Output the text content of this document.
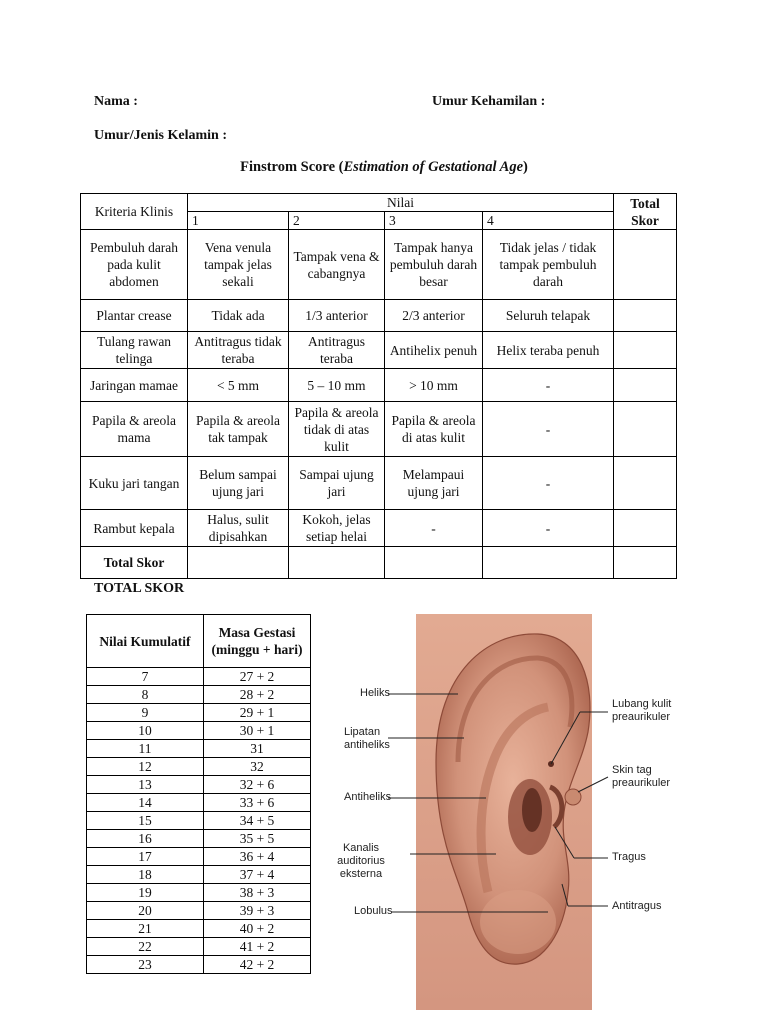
Nama :	Umur Kehamilan :
Umur/Jenis Kelamin :
Finstrom Score (Estimation of Gestational Age)
Kriteria Klinis	Nilai				Total Skor
	1	2	3	4	
Pembuluh darah pada kulit abdomen	Vena venula tampak jelas sekali	Tampak vena & cabangnya	Tampak hanya pembuluh darah besar	Tidak jelas / tidak tampak pembuluh darah	
Plantar crease	Tidak ada	1/3 anterior	2/3 anterior	Seluruh telapak	
Tulang rawan telinga	Antitragus tidak teraba	Antitragus teraba	Antihelix penuh	Helix teraba penuh	
Jaringan mamae	< 5 mm	5 – 10 mm	> 10 mm	-	
Papila & areola mama	Papila & areola tak tampak	Papila & areola tidak di atas kulit	Papila & areola di atas kulit	-	
Kuku jari tangan	Belum sampai ujung jari	Sampai ujung jari	Melampaui ujung jari	-	
Rambut kepala	Halus, sulit dipisahkan	Kokoh, jelas setiap helai	-	-	
Total Skor					
TOTAL SKOR
Nilai Kumulatif	Masa Gestasi (minggu + hari)
7	27 + 2
8	28 + 2
9	29 + 1
10	30 + 1
11	31
12	32
13	32 + 6
14	33 + 6
15	34 + 5
16	35 + 5
17	36 + 4
18	37 + 4
19	38 + 3
20	39 + 3
21	40 + 2
22	41 + 2
23	42 + 2
Heliks
Lipatan antiheliks
Antiheliks
Kanalis auditorius eksterna
Lobulus
Lubang kulit preaurikuler
Skin tag preaurikuler
Tragus
Antitragus
